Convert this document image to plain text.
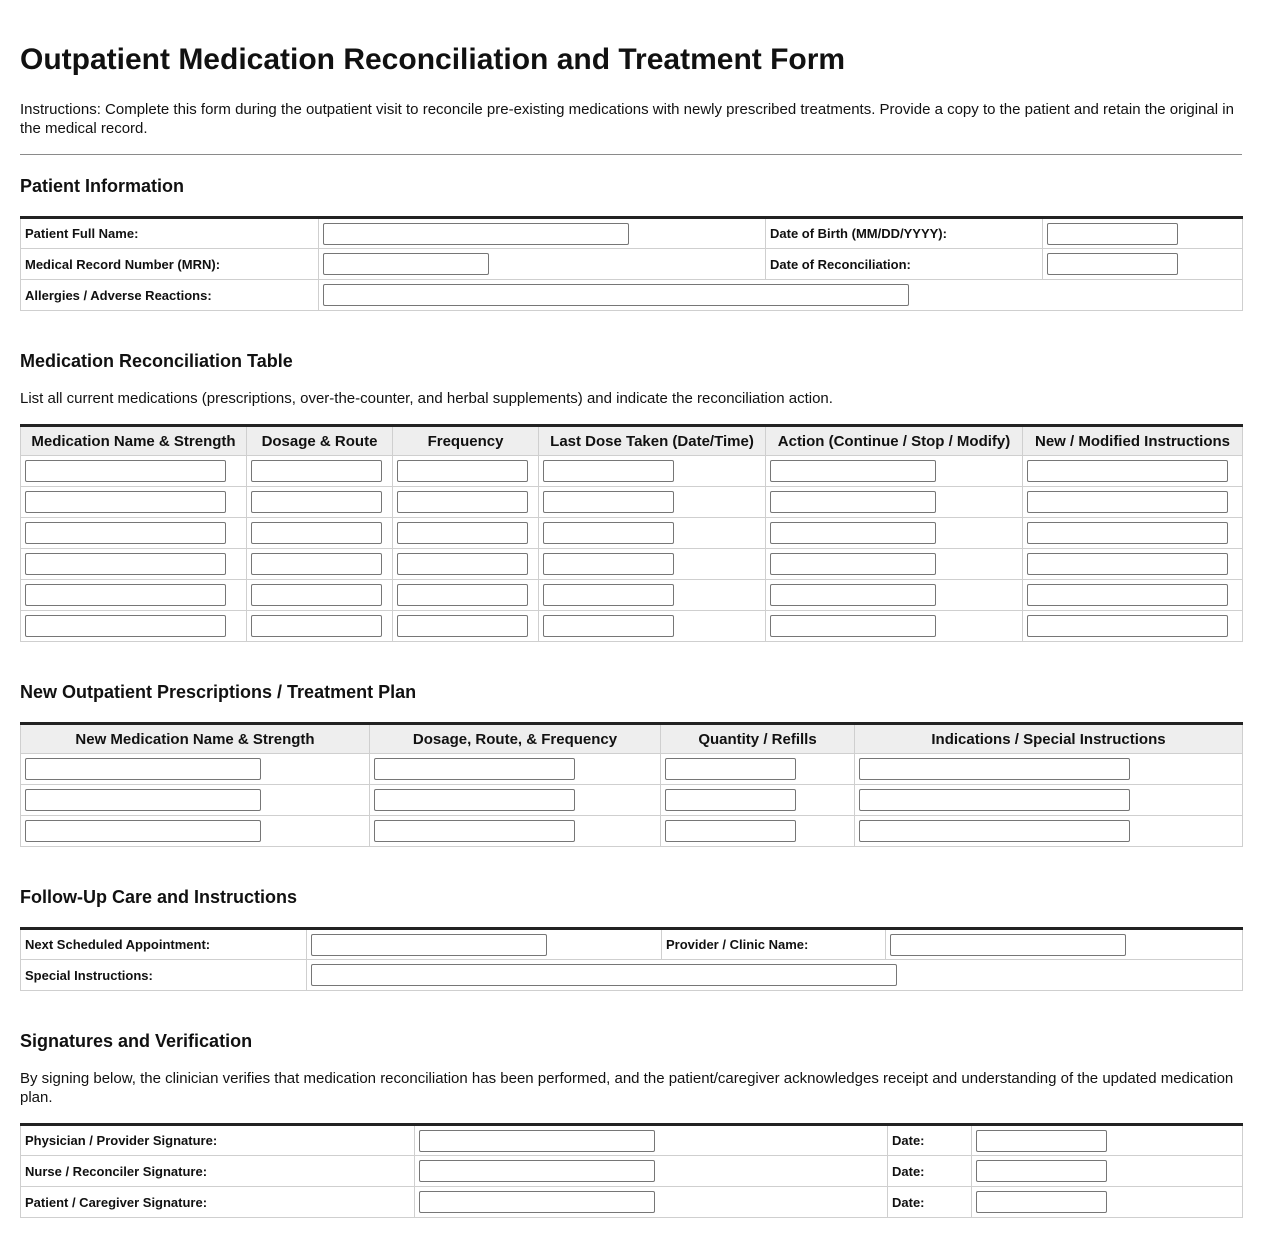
Outpatient Medication Reconciliation and Treatment Form
Instructions: Complete this form during the outpatient visit to reconcile pre-existing medications with newly prescribed treatments. Provide a copy to the patient and retain the original in the medical record.
Patient Information
Patient Full Name:		Date of Birth (MM/DD/YYYY):	

Medical Record Number (MRN):		Date of Reconciliation:	

Allergies / Adverse Reactions:			
Medication Reconciliation Table
List all current medications (prescriptions, over-the-counter, and herbal supplements) and indicate the reconciliation action.
Medication Name & Strength	Dosage & Route	Frequency	Last Dose Taken (Date/Time)	Action (Continue / Stop / Modify)	New / Modified Instructions

New Outpatient Prescriptions / Treatment Plan
New Medication Name & Strength	Dosage, Route, & Frequency	Quantity / Refills	Indications / Special Instructions

Follow-Up Care and Instructions
Next Scheduled Appointment:		Provider / Clinic Name:	

Special Instructions:			
Signatures and Verification
By signing below, the clinician verifies that medication reconciliation has been performed, and the patient/caregiver acknowledges receipt and understanding of the updated medication plan.
Physician / Provider Signature:		Date:	

Nurse / Reconciler Signature:		Date:	

Patient / Caregiver Signature:		Date:	
